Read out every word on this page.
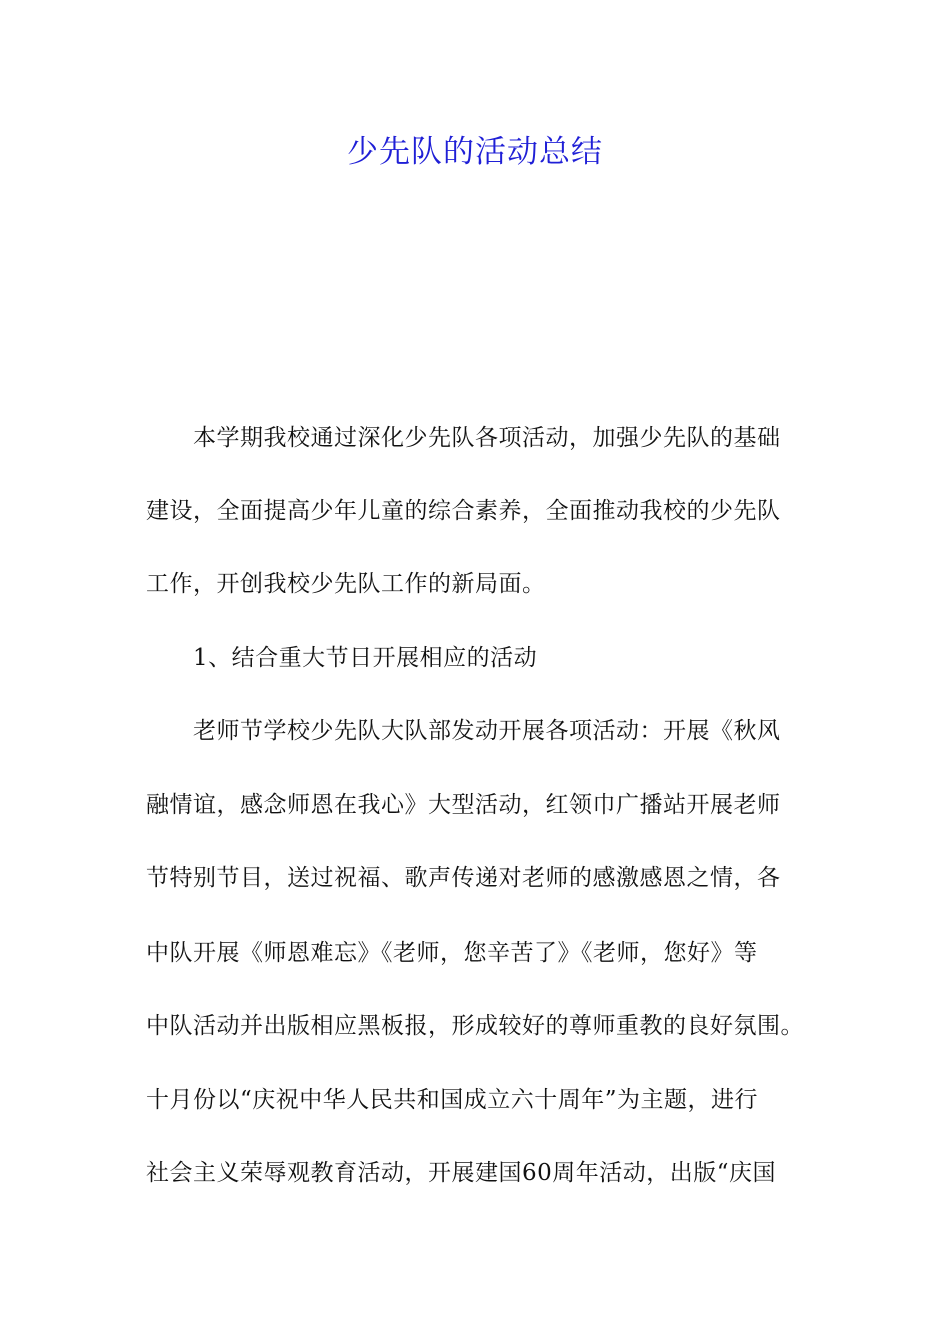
少先队的活动总结
本学期我校通过深化少先队各项活动，加强少先队的基础
建设，全面提高少年儿童的综合素养，全面推动我校的少先队
工作，开创我校少先队工作的新局面。
1、结合重大节日开展相应的活动
老师节学校少先队大队部发动开展各项活动：开展《秋风
融情谊，感念师恩在我心》大型活动，红领巾广播站开展老师
节特别节目，送过祝福、歌声传递对老师的感激感恩之情，各
中队开展《师恩难忘》《老师，您辛苦了》《老师，您好》等
中队活动并出版相应黑板报，形成较好的尊师重教的良好氛围。
十月份以“庆祝中华人民共和国成立六十周年”为主题，进行
社会主义荣辱观教育活动，开展建国60周年活动，出版“庆国
